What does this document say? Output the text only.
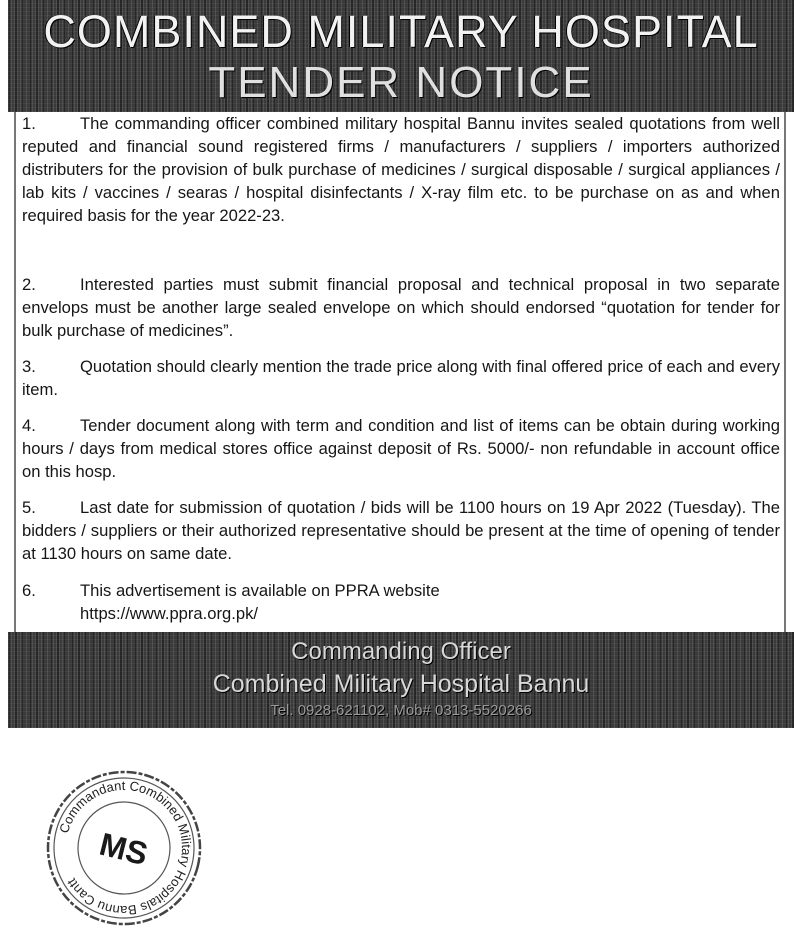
COMBINED MILITARY HOSPITAL
TENDER NOTICE

1.	The commanding officer combined military hospital Bannu invites sealed quotations from well reputed and financial sound registered firms / manufacturers / suppliers / importers authorized distributers for the provision of bulk purchase of medicines / surgical disposable / surgical appliances / lab kits / vaccines / searas / hospital disinfectants / X-ray film etc. to be purchase on as and when required basis for the year 2022-23.

2.	Interested parties must submit financial proposal and technical proposal in two separate envelops must be another large sealed envelope on which should endorsed “quotation for tender for bulk purchase of medicines”.

3.	Quotation should clearly mention the trade price along with final offered price of each and every item.

4.	Tender document along with term and condition and list of items can be obtain during working hours / days from medical stores office against deposit of Rs. 5000/- non refundable in account office on this hosp.

5.	Last date for submission of quotation / bids will be 1100 hours on 19 Apr 2022 (Tuesday). The bidders / suppliers or their authorized representative should be present at the time of opening of tender at 1130 hours on same date.

6.	This advertisement is available on PPRA website
https://www.ppra.org.pk/

Commanding Officer
Combined Military Hospital Bannu
Tel. 0928-621102, Mob# 0313-5520266
Commandant Combined Military Hospitals Bannu Cantt
MS
